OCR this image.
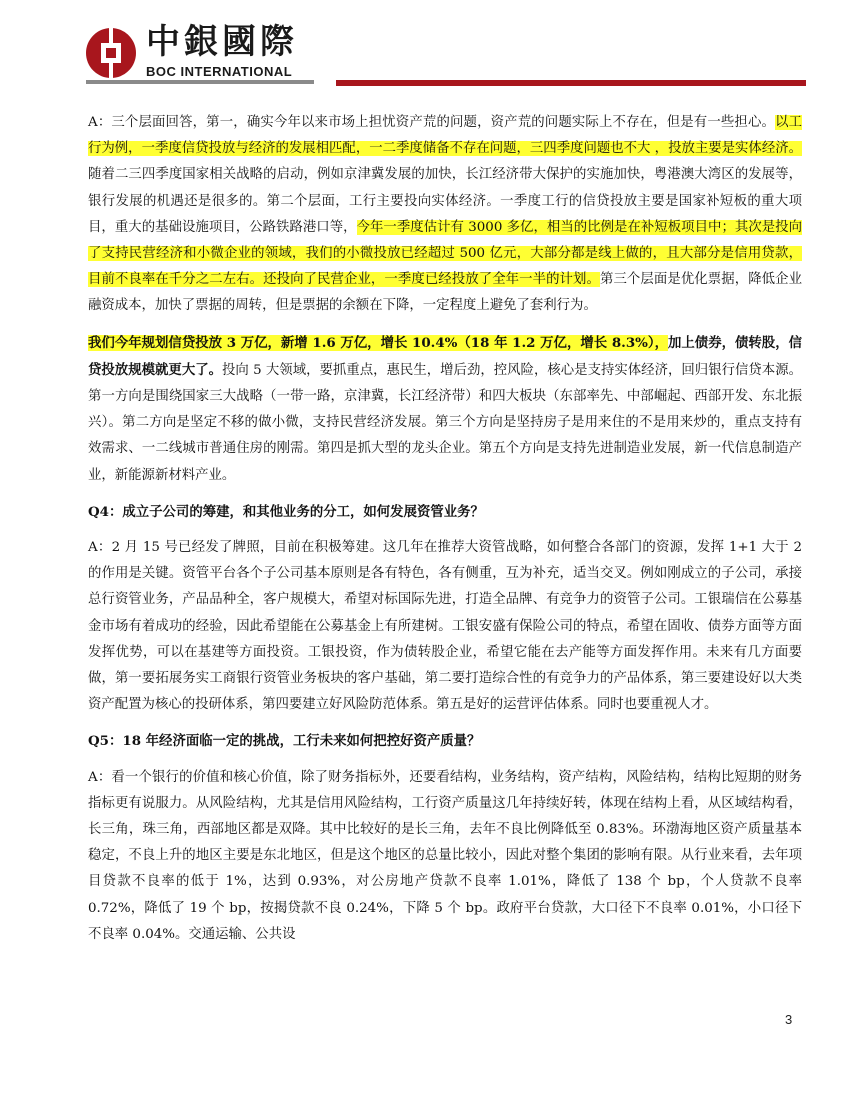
中銀國際
BOC INTERNATIONAL

A：三个层面回答，第一，确实今年以来市场上担忧资产荒的问题，资产荒的问题实际上不存在，但是有一些担心。以工行为例，一季度信贷投放与经济的发展相匹配，一二季度储备不存在问题，三四季度问题也不大 ，投放主要是实体经济。随着二三四季度国家相关战略的启动，例如京津冀发展的加快，长江经济带大保护的实施加快，粤港澳大湾区的发展等，银行发展的机遇还是很多的。第二个层面，工行主要投向实体经济。一季度工行的信贷投放主要是国家补短板的重大项目，重大的基础设施项目，公路铁路港口等，今年一季度估计有 3000 多亿，相当的比例是在补短板项目中；其次是投向了支持民营经济和小微企业的领域，我们的小微投放已经超过 500 亿元，大部分都是线上做的，且大部分是信用贷款，目前不良率在千分之二左右。还投向了民营企业，一季度已经投放了全年一半的计划。第三个层面是优化票据，降低企业融资成本，加快了票据的周转，但是票据的余额在下降，一定程度上避免了套利行为。

我们今年规划信贷投放 3 万亿，新增 1.6 万亿，增长 10.4%（18 年 1.2 万亿，增长 8.3%），加上债券，债转股，信贷投放规模就更大了。投向 5 大领域，要抓重点，惠民生，增后劲，控风险，核心是支持实体经济，回归银行信贷本源。第一方向是围绕国家三大战略（一带一路，京津冀，长江经济带）和四大板块（东部率先、中部崛起、西部开发、东北振兴）。第二方向是坚定不移的做小微，支持民营经济发展。第三个方向是坚持房子是用来住的不是用来炒的，重点支持有效需求、一二线城市普通住房的刚需。第四是抓大型的龙头企业。第五个方向是支持先进制造业发展，新一代信息制造产业，新能源新材料产业。

Q4：成立子公司的筹建，和其他业务的分工，如何发展资管业务？

A：2 月 15 号已经发了牌照，目前在积极筹建。这几年在推荐大资管战略，如何整合各部门的资源，发挥 1+1 大于 2 的作用是关键。资管平台各个子公司基本原则是各有特色，各有侧重，互为补充，适当交叉。例如刚成立的子公司，承接总行资管业务，产品品种全，客户规模大，希望对标国际先进，打造全品牌、有竞争力的资管子公司。工银瑞信在公募基金市场有着成功的经验，因此希望能在公募基金上有所建树。工银安盛有保险公司的特点，希望在固收、债券方面等方面发挥优势，可以在基建等方面投资。工银投资，作为债转股企业，希望它能在去产能等方面发挥作用。未来有几方面要做，第一要拓展务实工商银行资管业务板块的客户基础，第二要打造综合性的有竞争力的产品体系，第三要建设好以大类资产配置为核心的投研体系，第四要建立好风险防范体系。第五是好的运营评估体系。同时也要重视人才。

Q5：18 年经济面临一定的挑战，工行未来如何把控好资产质量？

A：看一个银行的价值和核心价值，除了财务指标外，还要看结构，业务结构，资产结构，风险结构，结构比短期的财务指标更有说服力。从风险结构，尤其是信用风险结构，工行资产质量这几年持续好转，体现在结构上看，从区域结构看，长三角，珠三角，西部地区都是双降。其中比较好的是长三角，去年不良比例降低至 0.83%。环渤海地区资产质量基本稳定，不良上升的地区主要是东北地区，但是这个地区的总量比较小，因此对整个集团的影响有限。从行业来看，去年项目贷款不良率的低于 1%，达到 0.93%，对公房地产贷款不良率 1.01%，降低了 138 个 bp，个人贷款不良率 0.72%，降低了 19 个 bp，按揭贷款不良 0.24%，下降 5 个 bp。政府平台贷款，大口径下不良率 0.01%，小口径下不良率 0.04%。交通运输、公共设

3
